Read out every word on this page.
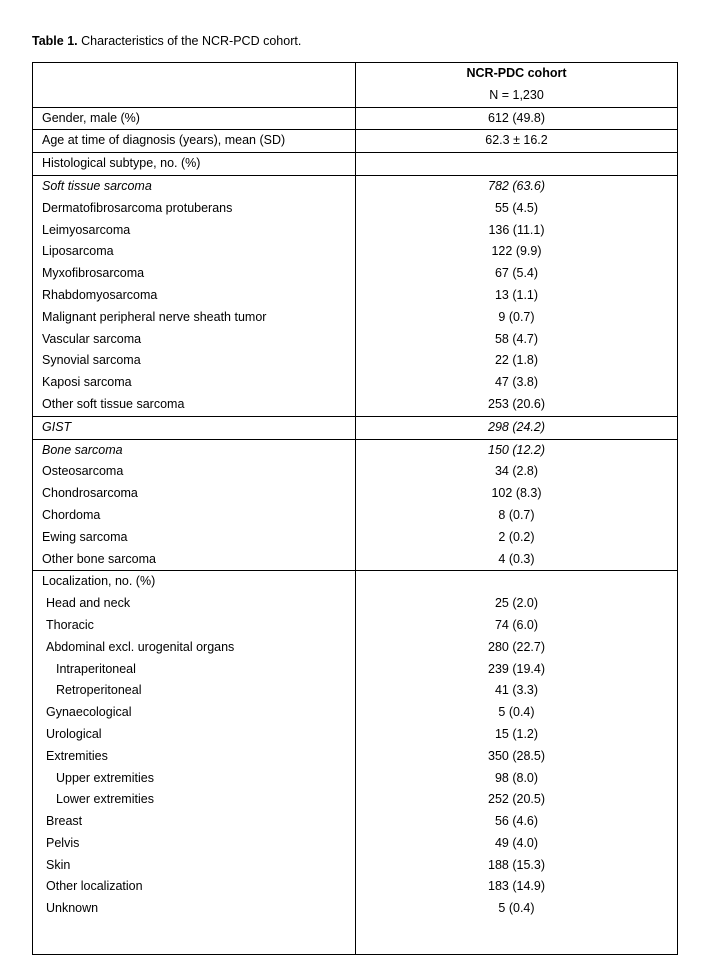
Table 1. Characteristics of the NCR-PCD cohort.
	NCR-PDC cohort
	N = 1,230
Gender, male (%)	612 (49.8)
Age at time of diagnosis (years), mean (SD)	62.3 ± 16.2
Histological subtype, no. (%)	
Soft tissue sarcoma	782 (63.6)
Dermatofibrosarcoma protuberans	55 (4.5)
Leimyosarcoma	136 (11.1)
Liposarcoma	122 (9.9)
Myxofibrosarcoma	67 (5.4)
Rhabdomyosarcoma	13 (1.1)
Malignant peripheral nerve sheath tumor	9 (0.7)
Vascular sarcoma	58 (4.7)
Synovial sarcoma	22 (1.8)
Kaposi sarcoma	47 (3.8)
Other soft tissue sarcoma	253 (20.6)
GIST	298 (24.2)
Bone sarcoma	150 (12.2)
Osteosarcoma	34 (2.8)
Chondrosarcoma	102 (8.3)
Chordoma	8 (0.7)
Ewing sarcoma	2 (0.2)
Other bone sarcoma	4 (0.3)
Localization, no. (%)	
Head and neck	25 (2.0)
Thoracic	74 (6.0)
Abdominal excl. urogenital organs	280 (22.7)
Intraperitoneal	239 (19.4)
Retroperitoneal	41 (3.3)
Gynaecological	5 (0.4)
Urological	15 (1.2)
Extremities	350 (28.5)
Upper extremities	98 (8.0)
Lower extremities	252 (20.5)
Breast	56 (4.6)
Pelvis	49 (4.0)
Skin	188 (15.3)
Other localization	183 (14.9)
Unknown	5 (0.4)
